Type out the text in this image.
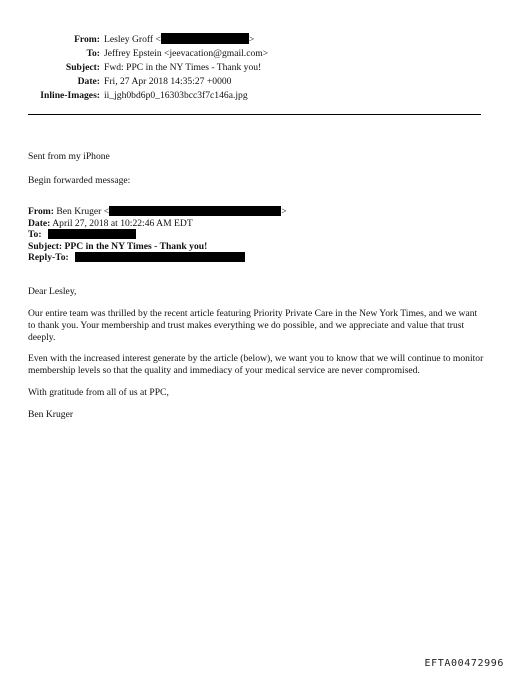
From: Lesley Groff <	>
To: Jeffrey Epstein <jeevacation@gmail.com>
Subject: Fwd: PPC in the NY Times - Thank you!
Date: Fri, 27 Apr 2018 14:35:27 +0000
Inline-Images: ii_jgh0bd6p0_16303bcc3f7c146a.jpg
Sent from my iPhone
Begin forwarded message:
From: Ben Kruger <	>
Date: April 27, 2018 at 10:22:46 AM EDT
To:
Subject: PPC in the NY Times - Thank you!
Reply-To:
Dear Lesley,
Our entire team was thrilled by the recent article featuring Priority Private Care in the New York Times, and we want to thank you. Your membership and trust makes everything we do possible, and we appreciate and value that trust deeply.
Even with the increased interest generate by the article (below), we want you to know that we will continue to monitor membership levels so that the quality and immediacy of your medical service are never compromised.
With gratitude from all of us at PPC,
Ben Kruger
EFTA00472996
